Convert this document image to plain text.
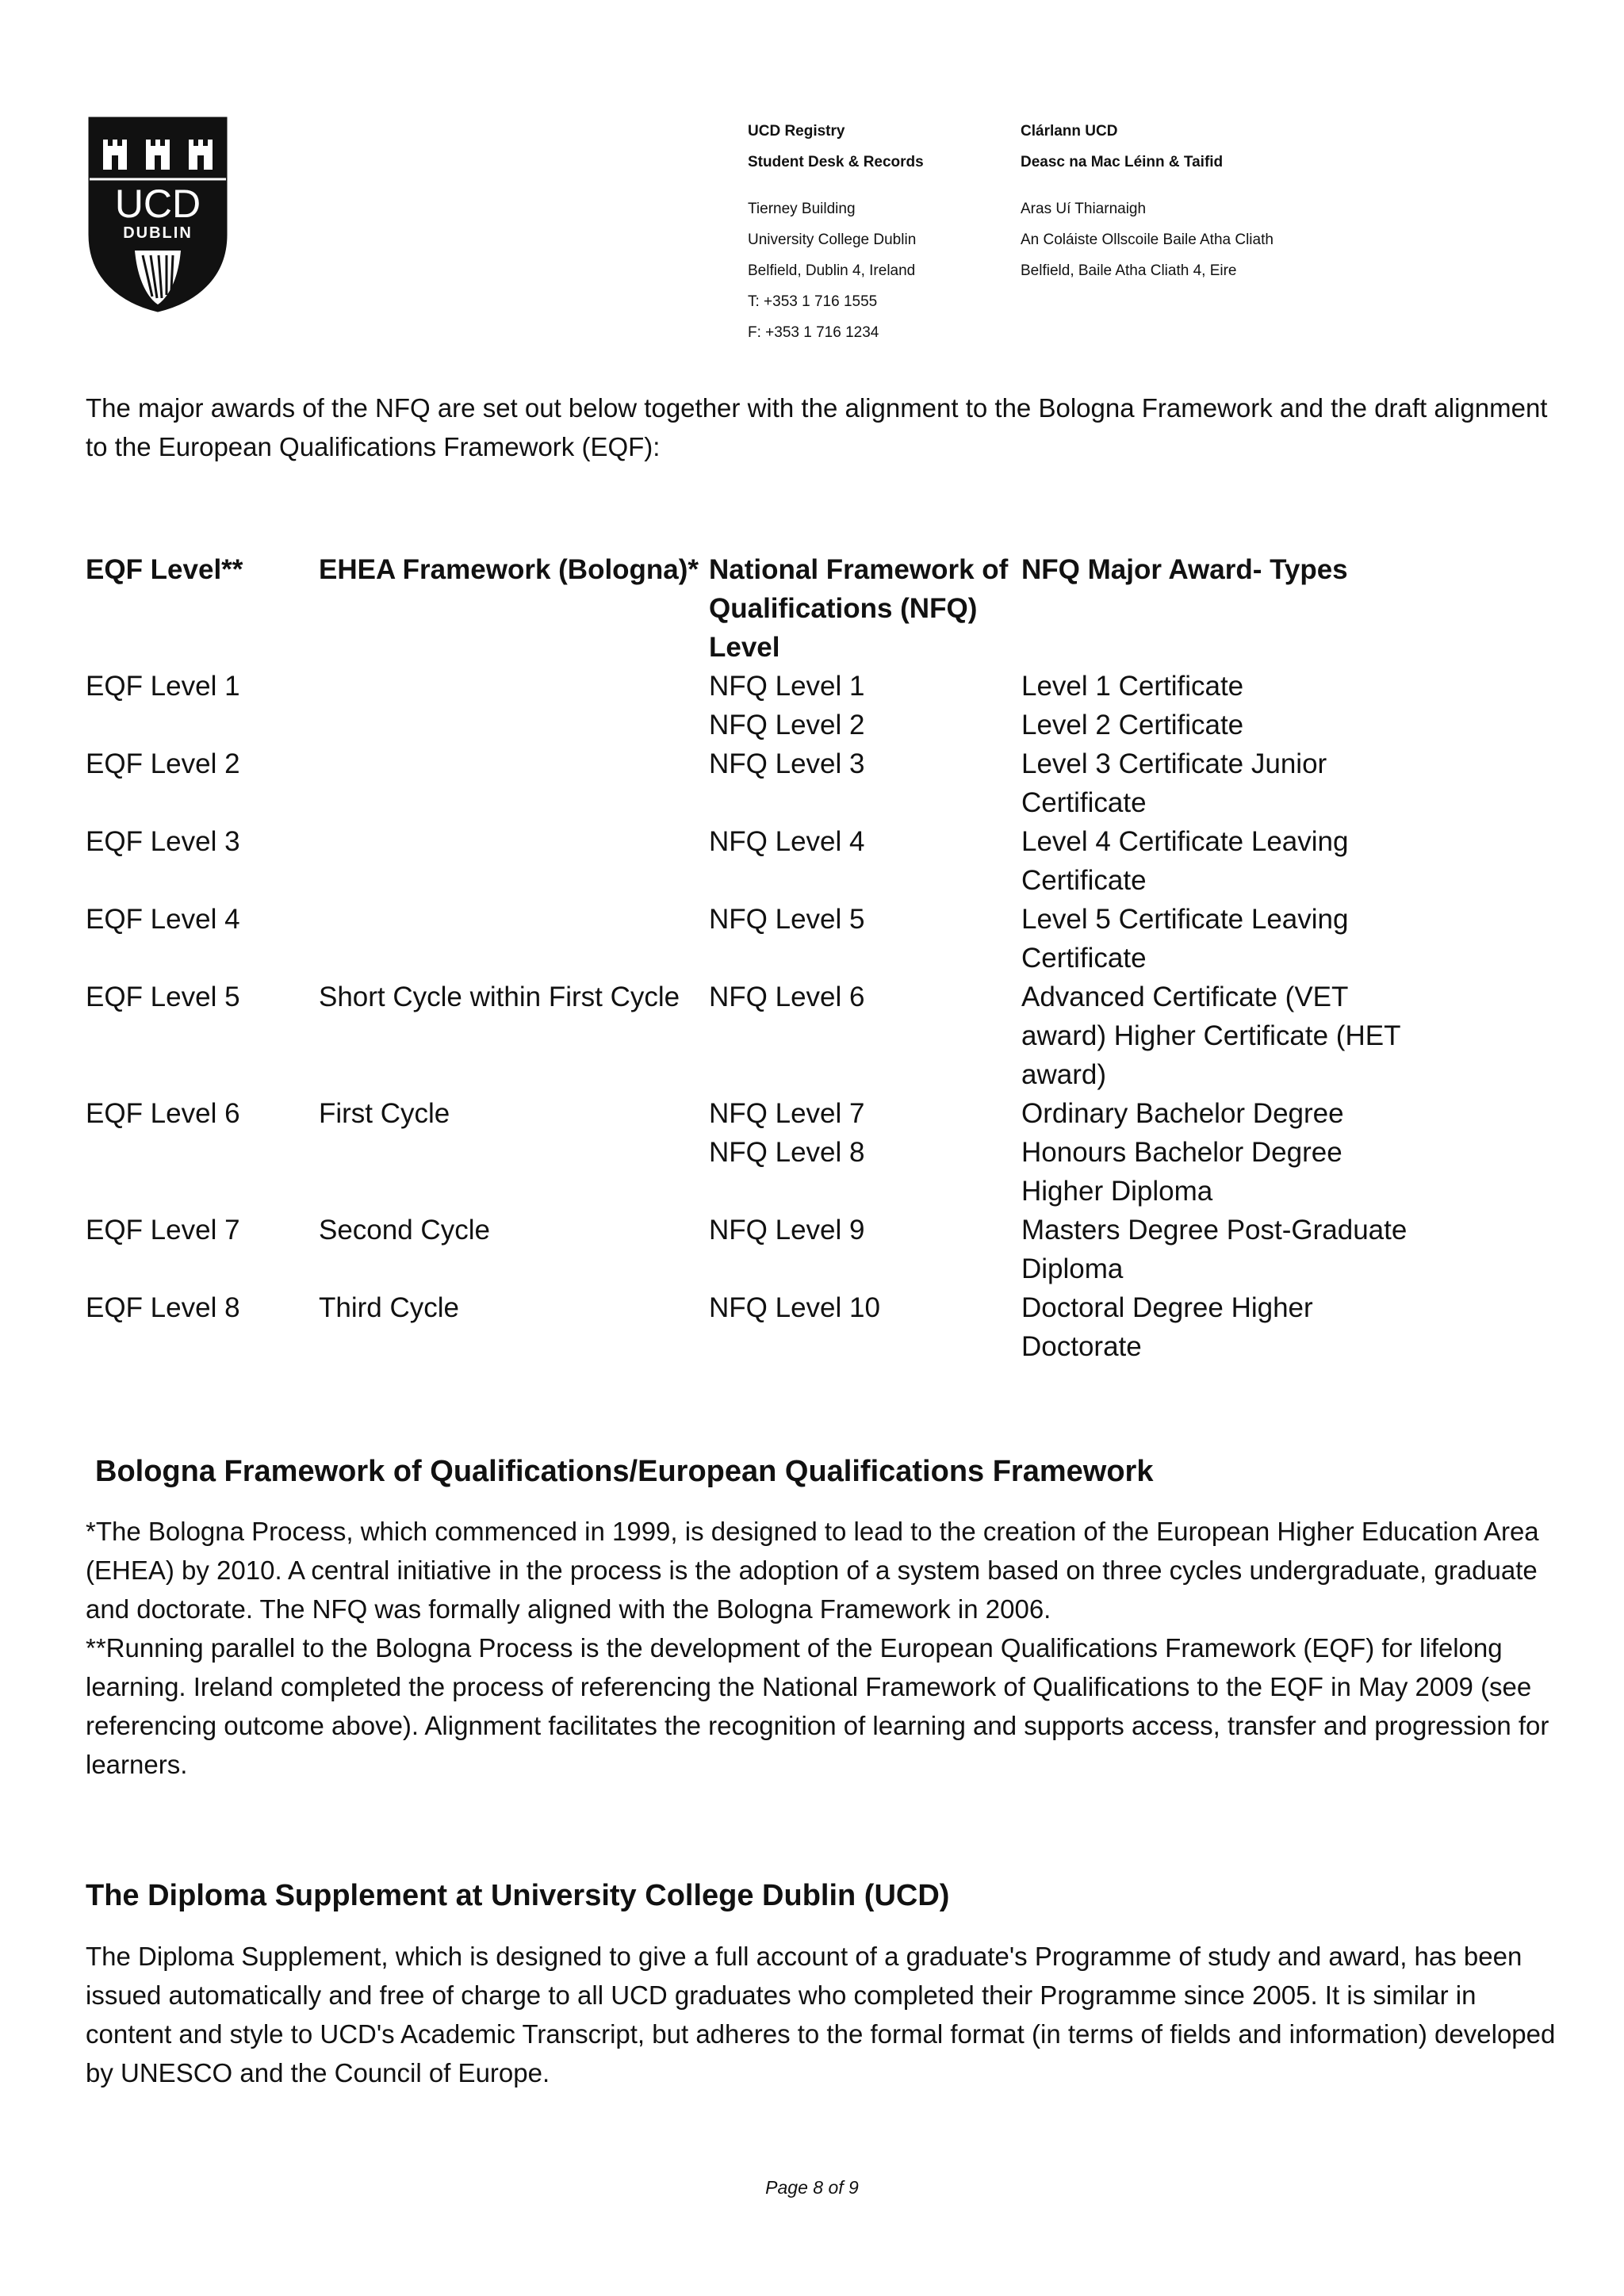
UCD
DUBLIN
UCD Registry
Student Desk & Records
Tierney Building
University College Dublin
Belfield, Dublin 4, Ireland
T: +353 1 716 1555
F: +353 1 716 1234
Clárlann UCD
Deasc na Mac Léinn & Taifid
Aras Uí Thiarnaigh
An Coláiste Ollscoile Baile Atha Cliath
Belfield, Baile Atha Cliath 4, Eire
The major awards of the NFQ are set out below together with the alignment to the Bologna Framework and the draft alignment to the European Qualifications Framework (EQF):
EQF Level**	EHEA Framework (Bologna)*	National Framework of Qualifications (NFQ) Level	NFQ Major Award- Types
EQF Level 1		NFQ Level 1	Level 1 Certificate
		NFQ Level 2	Level 2 Certificate
EQF Level 2		NFQ Level 3	Level 3 Certificate Junior Certificate
EQF Level 3		NFQ Level 4	Level 4 Certificate Leaving Certificate
EQF Level 4		NFQ Level 5	Level 5 Certificate Leaving Certificate
EQF Level 5	Short Cycle within First Cycle	NFQ Level 6	Advanced Certificate (VET award) Higher Certificate (HET award)
EQF Level 6	First Cycle	NFQ Level 7	Ordinary Bachelor Degree
		NFQ Level 8	Honours Bachelor Degree Higher Diploma
EQF Level 7	Second Cycle	NFQ Level 9	Masters Degree Post-Graduate Diploma
EQF Level 8	Third Cycle	NFQ Level 10	Doctoral Degree Higher Doctorate
Bologna Framework of Qualifications/European Qualifications Framework
*The Bologna Process, which commenced in 1999, is designed to lead to the creation of the European Higher Education Area (EHEA) by 2010. A central initiative in the process is the adoption of a system based on three cycles undergraduate, graduate and doctorate. The NFQ was formally aligned with the Bologna Framework in 2006.
**Running parallel to the Bologna Process is the development of the European Qualifications Framework (EQF) for lifelong learning. Ireland completed the process of referencing the National Framework of Qualifications to the EQF in May 2009 (see referencing outcome above). Alignment facilitates the recognition of learning and supports access, transfer and progression for learners.
The Diploma Supplement at University College Dublin (UCD)
The Diploma Supplement, which is designed to give a full account of a graduate's Programme of study and award, has been issued automatically and free of charge to all UCD graduates who completed their Programme since 2005. It is similar in content and style to UCD's Academic Transcript, but adheres to the formal format (in terms of fields and information) developed by UNESCO and the Council of Europe.
Page 8 of 9
